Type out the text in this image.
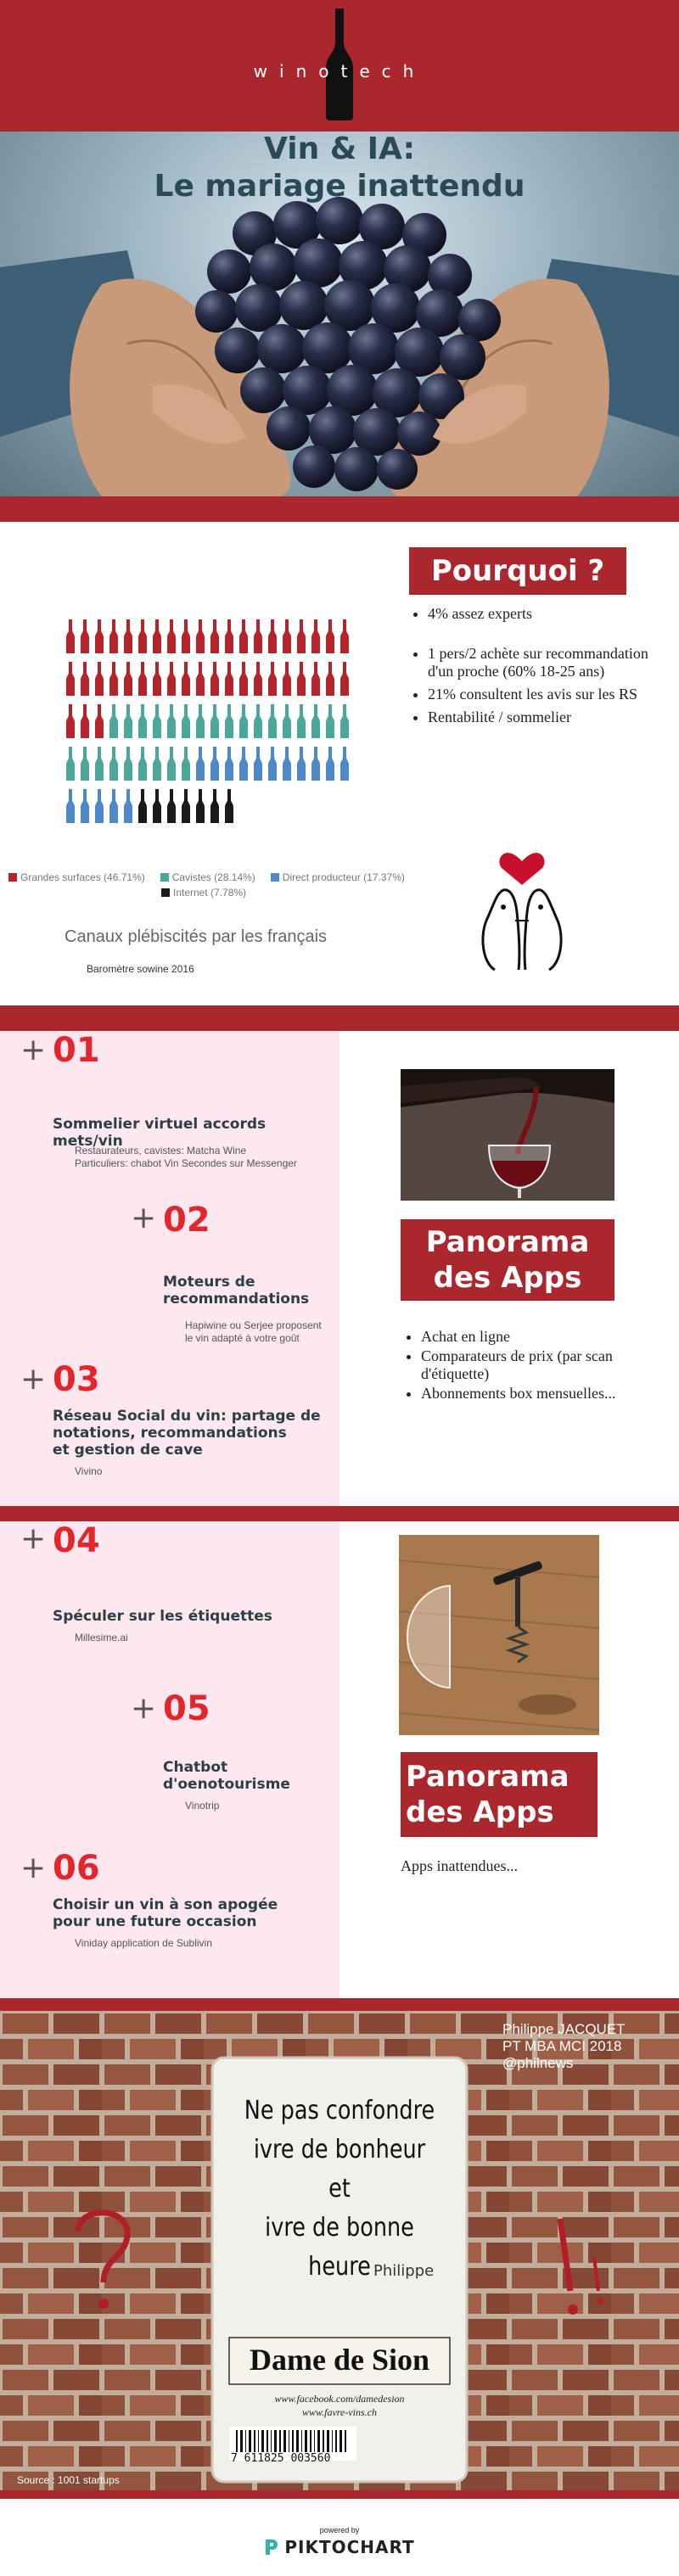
winotech
Vin & IA:
Le mariage inattendu
Grandes surfaces (46.71%)	Cavistes (28.14%)	Direct producteur (17.37%)
Internet (7.78%)
Canaux plébiscités par les français
Baromètre sowine 2016
Pourquoi ?
• 4% assez experts
• 1 pers/2 achète sur recommandation d'un proche (60% 18-25 ans)
• 21% consultent les avis sur les RS
• Rentabilité / sommelier
+ 01
Sommelier virtuel accords mets/vin
Restaurateurs, cavistes: Matcha Wine
Particuliers: chabot Vin Secondes sur Messenger
+ 02
Moteurs de
recommandations
Hapiwine ou Serjee proposent
le vin adapté à votre goût
+ 03
Réseau Social du vin: partage de
notations, recommandations
et gestion de cave
Vivino
Panorama
des Apps
• Achat en ligne
• Comparateurs de prix (par scan d'étiquette)
• Abonnements box mensuelles...
+ 04
Spéculer sur les étiquettes
Millesime.ai
+ 05
Chatbot
d'oenotourisme
Vinotrip
+ 06
Choisir un vin à son apogée
pour une future occasion
Viniday application de Sublivin
Panorama
des Apps
Apps inattendues...
Philippe JACQUET
PT MBA MCI 2018
@philnews
Ne pas confondre
ivre de bonheur
et
ivre de bonne heure Philippe
Dame de Sion
www.facebook.com/damedesion
www.favre-vins.ch
7 611825 003560
Source : 1001 startups
powered by
PIKTOCHART
